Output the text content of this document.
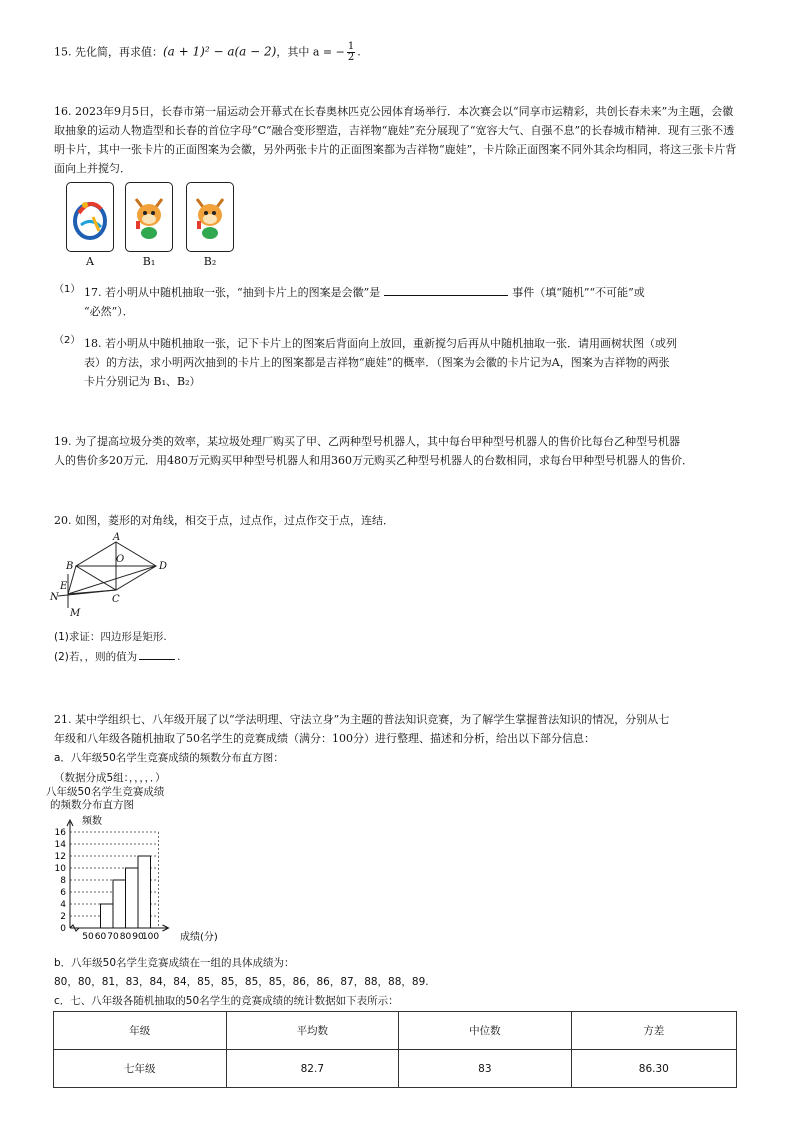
15. 先化简，再求值：(a + 1)² − a(a − 2)，其中 a = − $\frac{1}{2}$ .
16. 2023年9月5日，长春市第一届运动会开幕式在长春奥林匹克公园体育场举行．本次赛会以“同享市运精彩，共创长春未来”为主题，会徽取抽象的运动人物造型和长春的首位字母“C”融合变形塑造，吉祥物“鹿娃”充分展现了“宽容大气、自强不息”的长春城市精神．现有三张不透明卡片，其中一张卡片的正面图案为会徽，另外两张卡片的正面图案都为吉祥物“鹿娃”，卡片除正面图案不同外其余均相同，将这三张卡片背面向上并搅匀．
A	B₁	B₂
（1） 17. 若小明从中随机抽取一张，“抽到卡片上的图案是会徽”是	事件（填“随机”“不可能”或
“必然”）．
（2） 18. 若小明从中随机抽取一张，记下卡片上的图案后背面向上放回，重新搅匀后再从中随机抽取一张．请用画树状图（或列
表）的方法，求小明两次抽到的卡片上的图案都是吉祥物“鹿娃”的概率．（图案为会徽的卡片记为A，图案为吉祥物的两张
卡片分别记为 B₁、B₂）
19. 为了提高垃圾分类的效率，某垃圾处理厂购买了甲、乙两种型号机器人，其中每台甲种型号机器人的售价比每台乙种型号机器
人的售价多20万元．用480万元购买甲种型号机器人和用360万元购买乙种型号机器人的台数相同，求每台甲种型号机器人的售价．
20. 如图，菱形的对角线，相交于点，过点作，过点作交于点，连结．
A
B
C
D
O
E
N
M
(1)求证：四边形是矩形.
(2)若，，则的值为	.
21. 某中学组织七、八年级开展了以“学法明理、守法立身”为主题的普法知识竞赛，为了解学生掌握普法知识的情况，分别从七
年级和八年级各随机抽取了50名学生的竞赛成绩（满分：100分）进行整理、描述和分析，给出以下部分信息：
a．八年级50名学生竞赛成绩的频数分布直方图：
（数据分成5组：，，，，．）
八年级50名学生竞赛成绩
的频数分布直方图
频数
成绩(分)
0
2
4
6
8
10
12
14
16
50 60 70 80 90
100
b．八年级50名学生竞赛成绩在一组的具体成绩为：
80，80，81，83，84，84，85，85，85，85，86，86，87，88，88，89.
c．七、八年级各随机抽取的50名学生的竞赛成绩的统计数据如下表所示：
年级	平均数	中位数	方差
七年级	82.7	83	86.30
